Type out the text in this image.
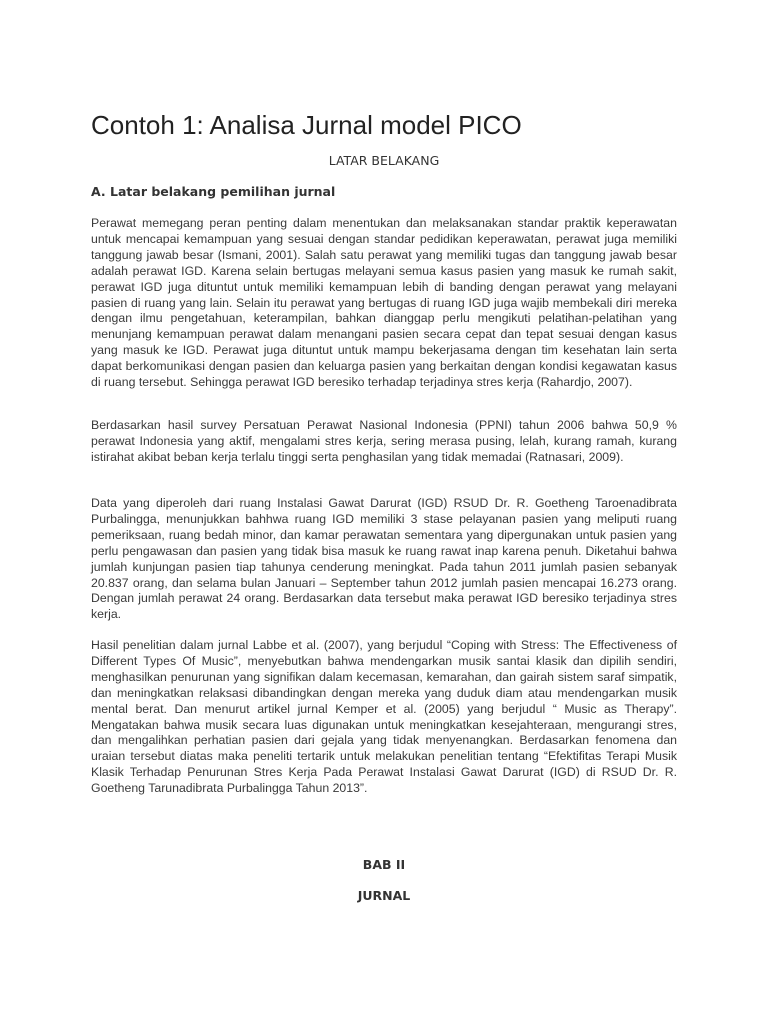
Contoh 1: Analisa Jurnal model PICO
LATAR BELAKANG
A. Latar belakang pemilihan jurnal

Perawat memegang peran penting dalam menentukan dan melaksanakan standar praktik keperawatan untuk mencapai kemampuan yang sesuai dengan standar pedidikan keperawatan, perawat juga memiliki tanggung jawab besar (Ismani, 2001). Salah satu perawat yang memiliki tugas dan tanggung jawab besar adalah perawat IGD. Karena selain bertugas melayani semua kasus pasien yang masuk ke rumah sakit, perawat IGD juga dituntut untuk memiliki kemampuan lebih di banding dengan perawat yang melayani pasien di ruang yang lain. Selain itu perawat yang bertugas di ruang IGD juga wajib membekali diri mereka dengan ilmu pengetahuan, keterampilan, bahkan dianggap perlu mengikuti pelatihan-pelatihan yang menunjang kemampuan perawat dalam menangani pasien secara cepat dan tepat sesuai dengan kasus yang masuk ke IGD. Perawat juga dituntut untuk mampu bekerjasama dengan tim kesehatan lain serta dapat berkomunikasi dengan pasien dan keluarga pasien yang berkaitan dengan kondisi kegawatan kasus di ruang tersebut. Sehingga perawat IGD beresiko terhadap terjadinya stres kerja (Rahardjo, 2007).

Berdasarkan hasil survey Persatuan Perawat Nasional Indonesia (PPNI) tahun 2006 bahwa 50,9 % perawat Indonesia yang aktif, mengalami stres kerja, sering merasa pusing, lelah, kurang ramah, kurang istirahat akibat beban kerja terlalu tinggi serta penghasilan yang tidak memadai (Ratnasari, 2009).

Data yang diperoleh dari ruang Instalasi Gawat Darurat (IGD) RSUD Dr. R. Goetheng Taroenadibrata Purbalingga, menunjukkan bahhwa ruang IGD memiliki 3 stase pelayanan pasien yang meliputi ruang pemeriksaan, ruang bedah minor, dan kamar perawatan sementara yang dipergunakan untuk pasien yang perlu pengawasan dan pasien yang tidak bisa masuk ke ruang rawat inap karena penuh. Diketahui bahwa jumlah kunjungan pasien tiap tahunya cenderung meningkat. Pada tahun 2011 jumlah pasien sebanyak 20.837 orang, dan selama bulan Januari – September tahun 2012 jumlah pasien mencapai 16.273 orang. Dengan jumlah perawat 24 orang. Berdasarkan data tersebut maka perawat IGD beresiko terjadinya stres kerja.

Hasil penelitian dalam jurnal Labbe et al. (2007), yang berjudul “Coping with Stress: The Effectiveness of Different Types Of Music”, menyebutkan bahwa mendengarkan musik santai klasik dan dipilih sendiri, menghasilkan penurunan yang signifikan dalam kecemasan, kemarahan, dan gairah sistem saraf simpatik, dan meningkatkan relaksasi dibandingkan dengan mereka yang duduk diam atau mendengarkan musik mental berat. Dan menurut artikel jurnal Kemper et al. (2005) yang berjudul “ Music as Therapy”. Mengatakan bahwa musik secara luas digunakan untuk meningkatkan kesejahteraan, mengurangi stres, dan mengalihkan perhatian pasien dari gejala yang tidak menyenangkan. Berdasarkan fenomena dan uraian tersebut diatas maka peneliti tertarik untuk melakukan penelitian tentang “Efektifitas Terapi Musik Klasik Terhadap Penurunan Stres Kerja Pada Perawat Instalasi Gawat Darurat (IGD) di RSUD Dr. R. Goetheng Tarunadibrata Purbalingga Tahun 2013”.

BAB II
JURNAL
